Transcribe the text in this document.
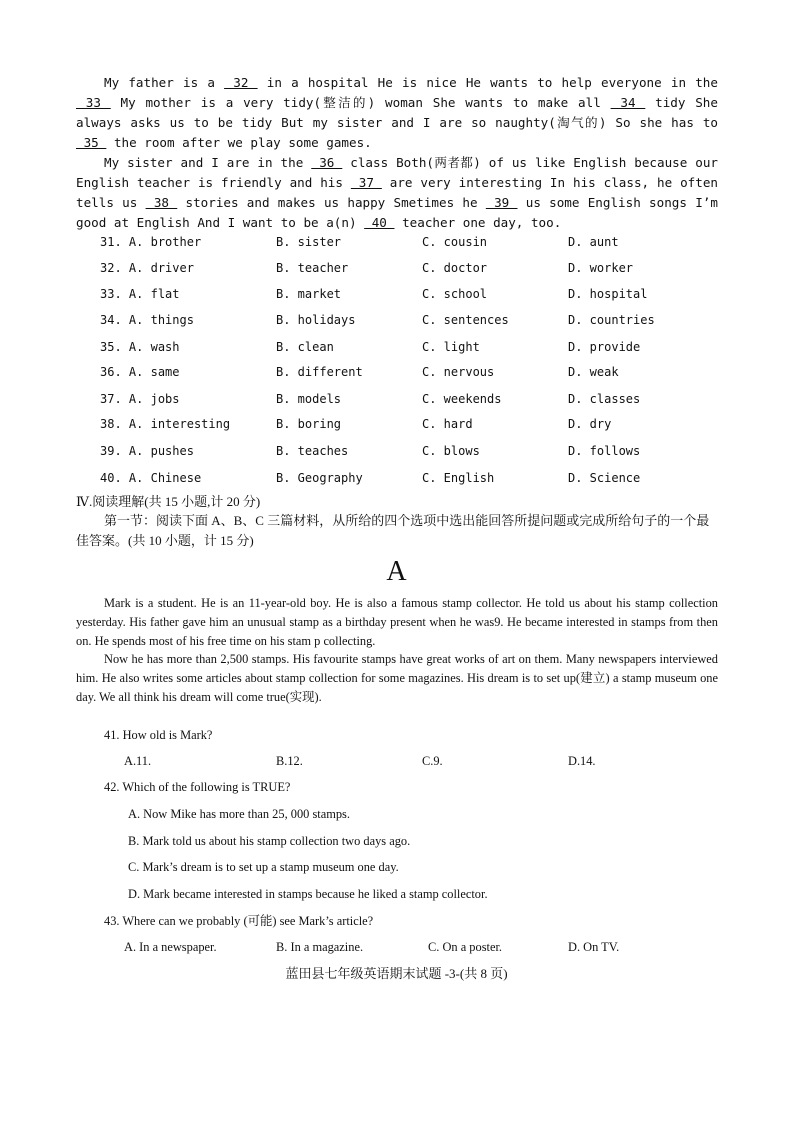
My father is a  32  in a hospital He is nice He wants to help everyone in the  33  My mother is a very tidy(整洁的) woman She wants to make all  34  tidy She always asks us to be tidy But my sister and I are so naughty(淘气的) So she has to  35  the room after we play some games.

My sister and I are in the  36  class Both(两者都) of us like English because our English teacher is friendly and his  37  are very interesting In his class, he often tells us  38  stories and makes us happy Smetimes he  39  us some English songs I’m good at English And I want to be a(n)  40  teacher one day, too.

31. A. brother	B. sister	C. cousin	D. aunt
32. A. driver	B. teacher	C. doctor	D. worker
33. A. flat	B. market	C. school	D. hospital
34. A. things	B. holidays	C. sentences	D. countries
35. A. wash	B. clean	C. light	D. provide
36. A. same	B. different	C. nervous	D. weak
37. A. jobs	B. models	C. weekends	D. classes
38. A. interesting	B. boring	C. hard	D. dry
39. A. pushes	B. teaches	C. blows	D. follows
40. A. Chinese	B. Geography	C. English	D. Science
Ⅳ.阅读理解(共 15 小题,计 20 分)
第一节：阅读下面 A、B、C 三篇材料，从所给的四个选项中选出能回答所提问题或完成所给句子的一个最佳答案。(共 10 小题，计 15 分)
A

Mark is a student. He is an 11-year-old boy. He is also a famous stamp collector. He told us about his stamp collection yesterday. His father gave him an unusual stamp as a birthday present when he was9. He became interested in stamps from then on. He spends most of his free time on his stam p collecting.

Now he has more than 2,500 stamps. His favourite stamps have great works of art on them. Many newspapers interviewed him. He also writes some articles about stamp collection for some magazines. His dream is to set up(建立) a stamp museum one day. We all think his dream will come true(实现).

41. How old is Mark?
A.11.	B.12.	C.9.	D.14.
42. Which of the following is TRUE?
A. Now Mike has more than 25, 000 stamps.
B. Mark told us about his stamp collection two days ago.
C. Mark’s dream is to set up a stamp museum one day.
D. Mark became interested in stamps because he liked a stamp collector.
43. Where can we probably (可能) see Mark’s article?
A. In a newspaper.	B. In a magazine.	C. On a poster.	D. On TV.
蓝田县七年级英语期末试题 -3-(共 8 页)
